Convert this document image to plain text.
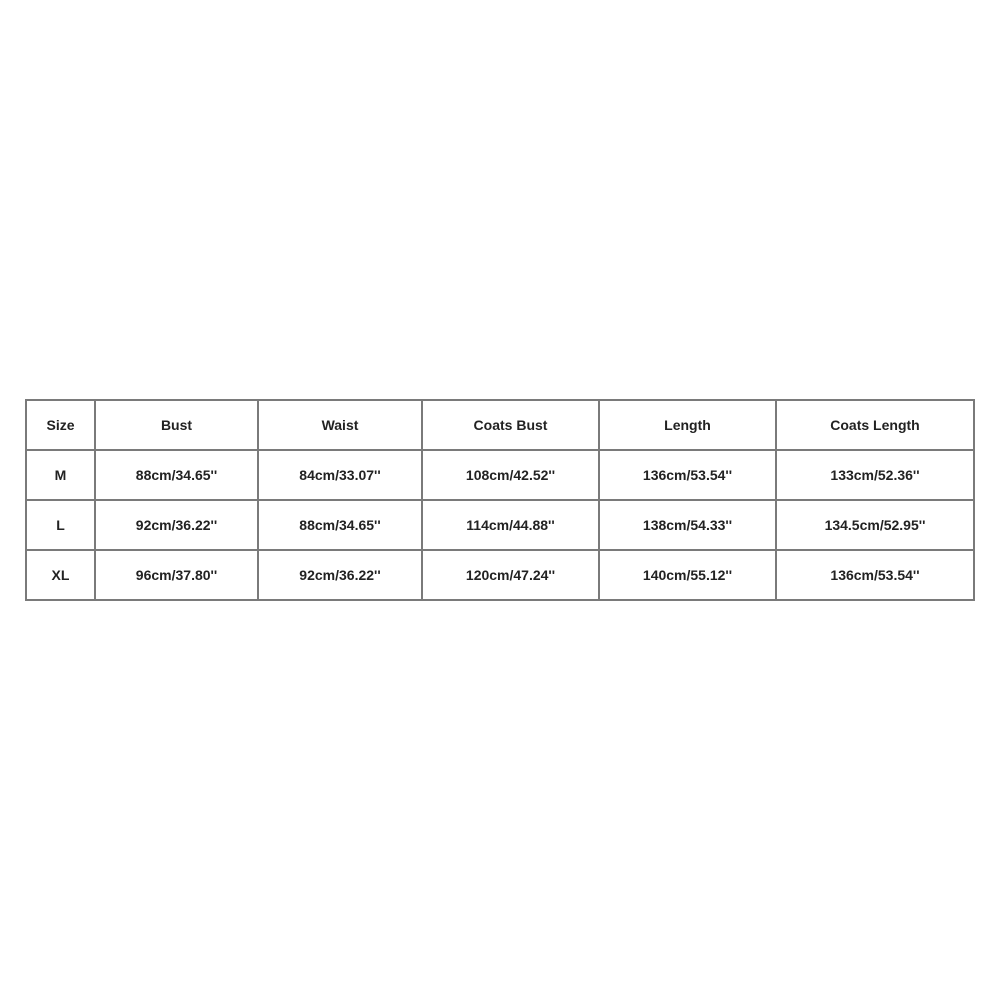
Size	Bust	Waist	Coats Bust	Length	Coats Length
M	88cm/34.65''	84cm/33.07''	108cm/42.52''	136cm/53.54''	133cm/52.36''
L	92cm/36.22''	88cm/34.65''	114cm/44.88''	138cm/54.33''	134.5cm/52.95''
XL	96cm/37.80''	92cm/36.22''	120cm/47.24''	140cm/55.12''	136cm/53.54''
